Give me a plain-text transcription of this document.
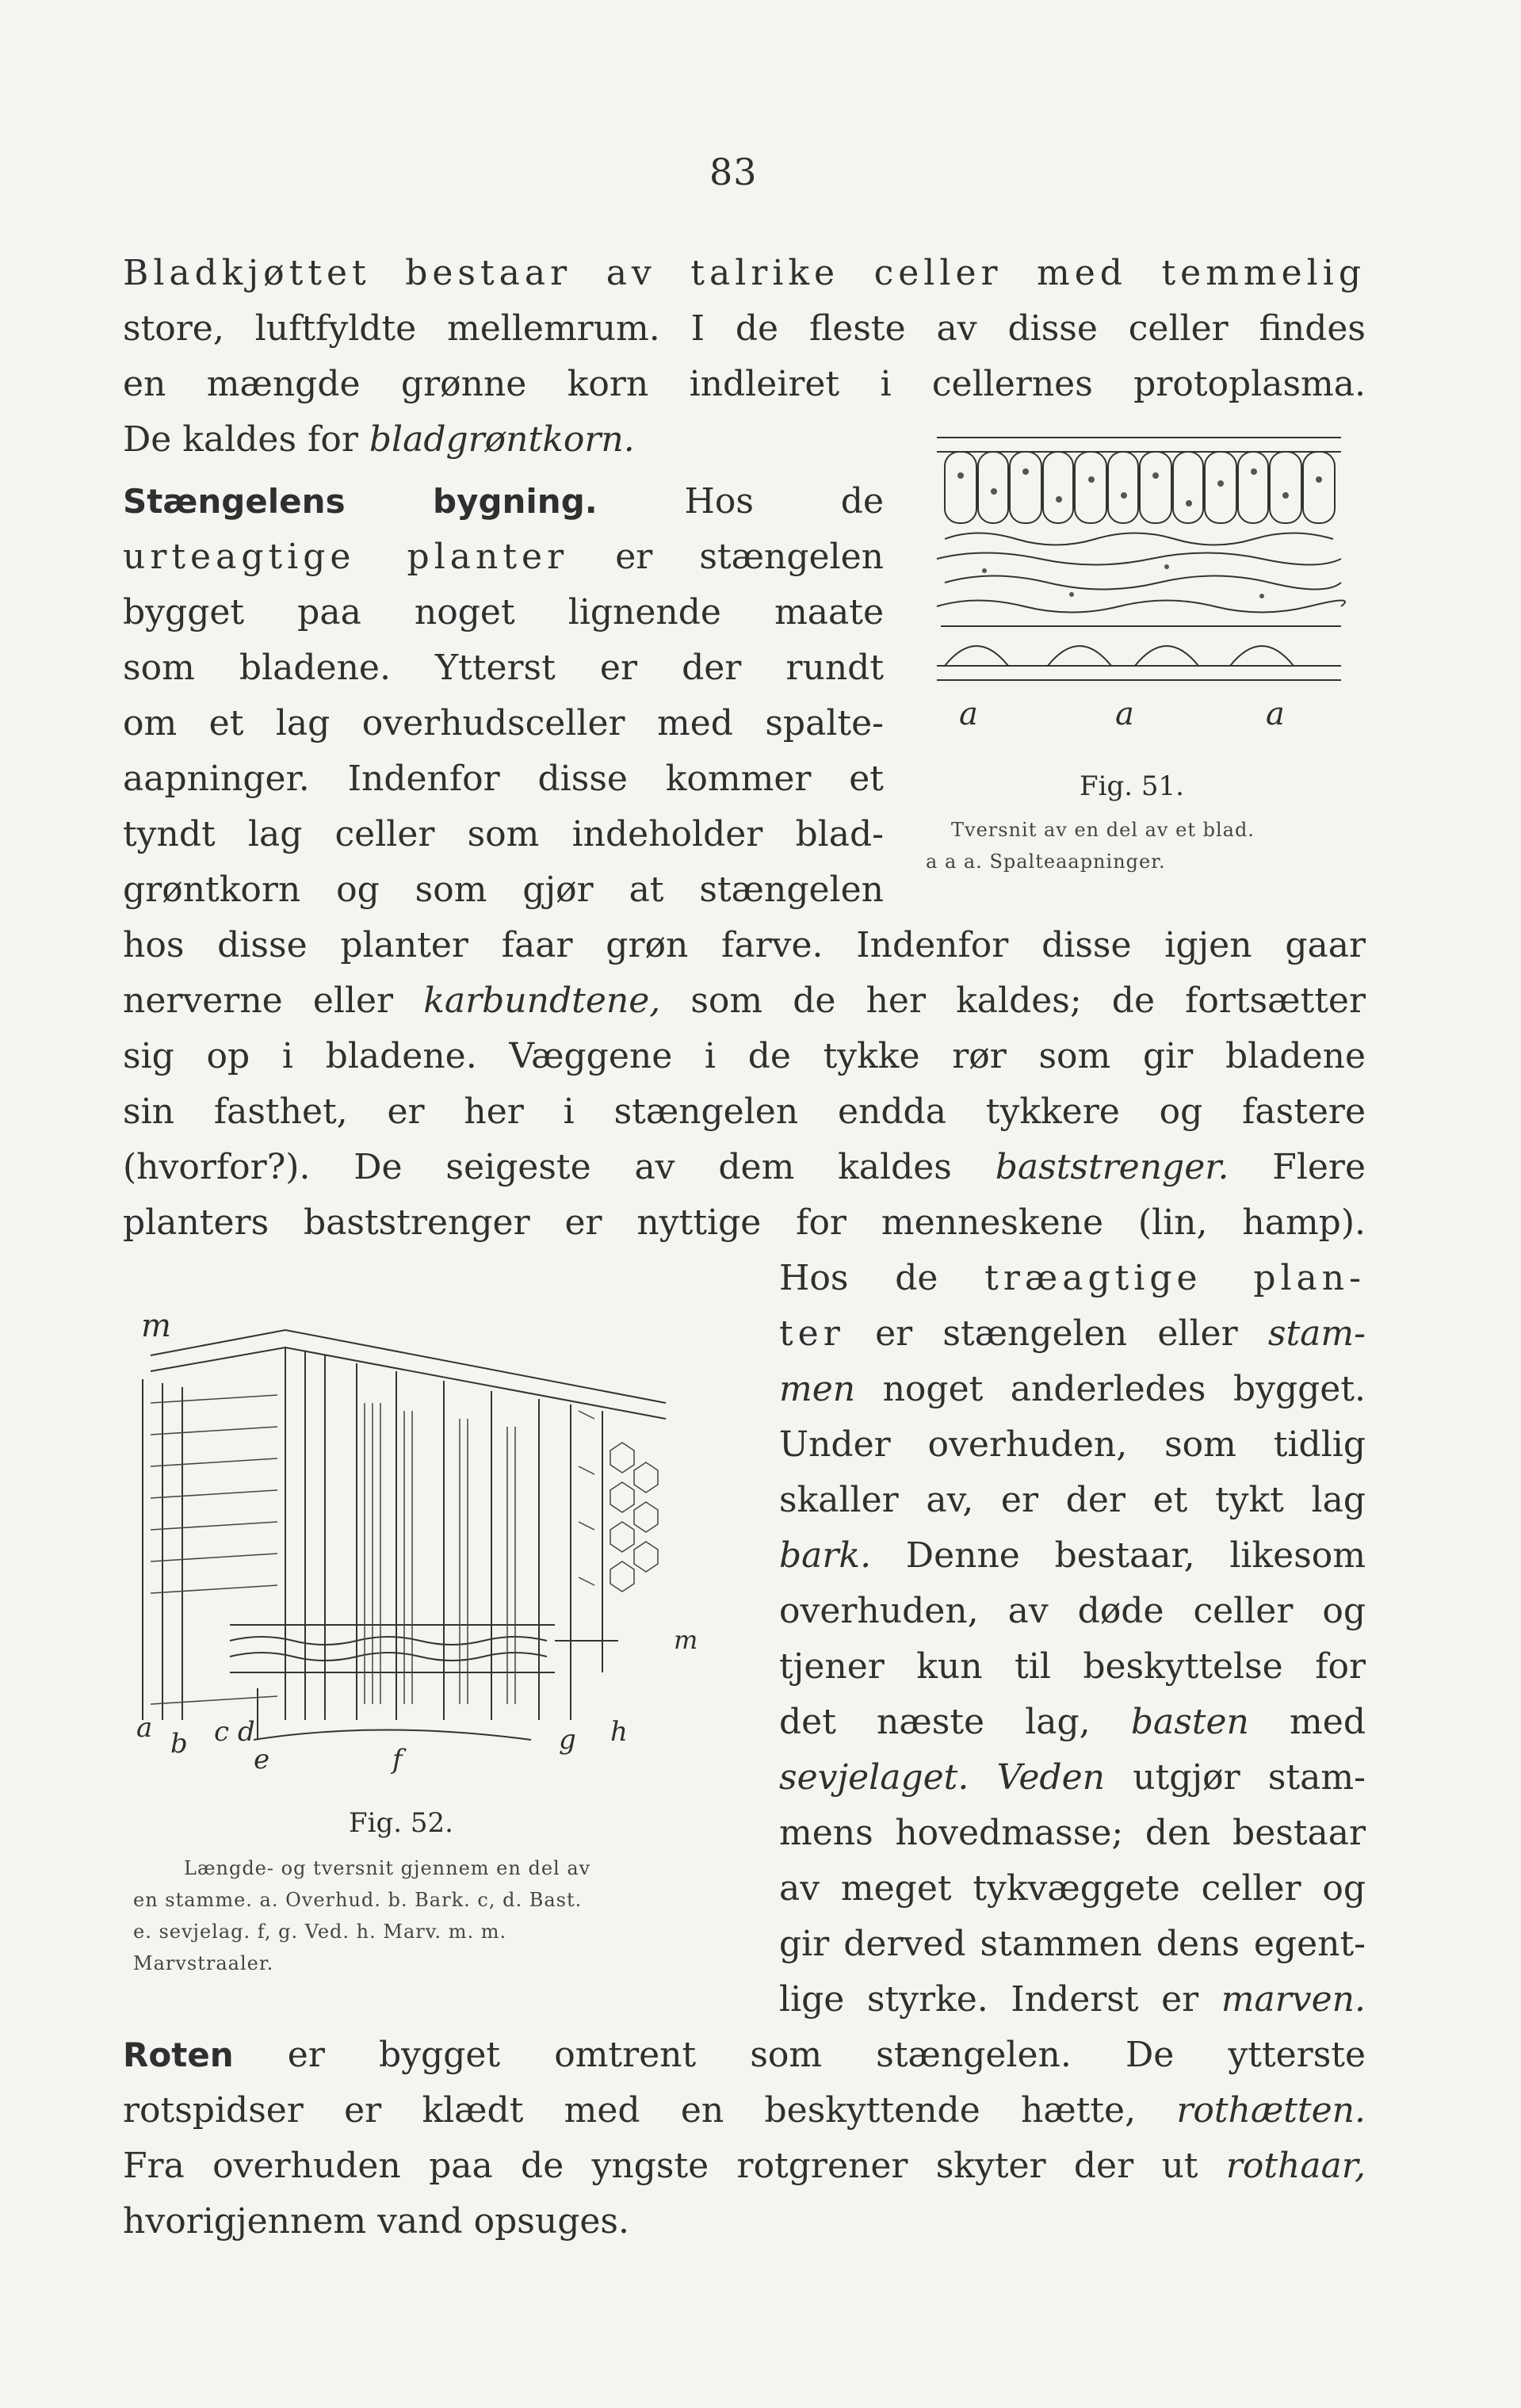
83
Bladkjøttet bestaar av talrike celler med temmelig
store, luftfyldte mellemrum. I de fleste av disse celler findes
en mængde grønne korn indleiret i cellernes protoplasma.
De kaldes for bladgrøntkorn.
Stængelens bygning. Hos de
urteagtige planter er stængelen
bygget paa noget lignende maate
som bladene. Ytterst er der rundt
om et lag overhudsceller med spalte-
aapninger. Indenfor disse kommer et
tyndt lag celler som indeholder blad-
grøntkorn og som gjør at stængelen
hos disse planter faar grøn farve. Indenfor disse igjen gaar
nerverne eller karbundtene, som de her kaldes; de fortsætter
sig op i bladene. Væggene i de tykke rør som gir bladene
sin fasthet, er her i stængelen endda tykkere og fastere
(hvorfor?). De seigeste av dem kaldes baststrenger. Flere
planters baststrenger er nyttige for menneskene (lin, hamp).
Hos de træagtige plan-
ter er stængelen eller stam-
men noget anderledes bygget.
Under overhuden, som tidlig
skaller av, er der et tykt lag
bark. Denne bestaar, likesom
overhuden, av døde celler og
tjener kun til beskyttelse for
det næste lag, basten med
sevjelaget. Veden utgjør stam-
mens hovedmasse; den bestaar
av meget tykvæggete celler og
gir derved stammen dens egent-
lige styrke. Inderst er marven.
Roten er bygget omtrent som stængelen. De ytterste
rotspidser er klædt med en beskyttende hætte, rothætten.
Fra overhuden paa de yngste rotgrener skyter der ut rothaar,
hvorigjennem vand opsuges.
a	a	a
Fig. 51.
Tversnit av en del av et blad.
a a a. Spalteaapninger.
m
m
a b c d
e	f
g h
Fig. 52.
Længde- og tversnit gjennem en del av
en stamme. a. Overhud. b. Bark. c, d. Bast.
e. sevjelag. f, g. Ved. h. Marv. m. m.
Marvstraaler.
